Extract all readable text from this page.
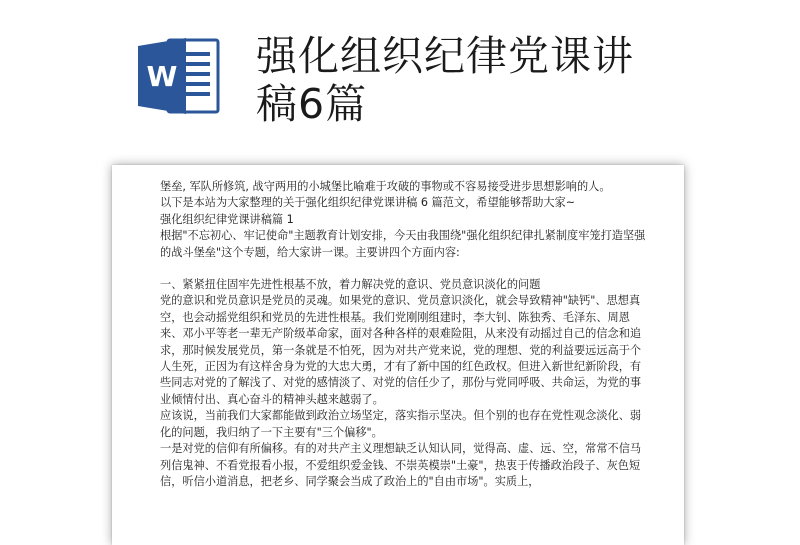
W 强化组织纪律党课讲
稿6篇

堡垒, 军队所修筑, 战守两用的小城堡比喻难于攻破的事物或不容易接受进步思想影响的人。

以下是本站为大家整理的关于强化组织纪律党课讲稿 6 篇范文，希望能够帮助大家~

强化组织纪律党课讲稿篇 1

根据"不忘初心、牢记使命"主题教育计划安排，今天由我围绕"强化组织纪律扎紧制度牢笼打造坚强的战斗堡垒"这个专题，给大家讲一课。主要讲四个方面内容:

一、紧紧扭住固牢先进性根基不放，着力解决党的意识、党员意识淡化的问题

党的意识和党员意识是党员的灵魂。如果党的意识、党员意识淡化，就会导致精神"缺钙"、思想真空，也会动摇党组织和党员的先进性根基。我们党刚刚组建时，李大钊、陈独秀、毛泽东、周恩来、邓小平等老一辈无产阶级革命家，面对各种各样的艰难险阻，从来没有动摇过自己的信念和追求，那时候发展党员，第一条就是不怕死，因为对共产党来说，党的理想、党的利益要远远高于个人生死，正因为有这样舍身为党的大忠大勇，才有了新中国的红色政权。但进入新世纪新阶段，有些同志对党的了解浅了、对党的感情淡了、对党的信任少了，那份与党同呼吸、共命运，为党的事业倾情付出、真心奋斗的精神头越来越弱了。

应该说，当前我们大家都能做到政治立场坚定，落实指示坚决。但个别的也存在党性观念淡化、弱化的问题，我归纳了一下主要有"三个偏移"。

一是对党的信仰有所偏移。有的对共产主义理想缺乏认知认同，觉得高、虚、远、空，常常不信马列信鬼神、不看党报看小报，不爱组织爱金钱、不崇英模崇"土豪"，热衷于传播政治段子、灰色短信，听信小道消息，把老乡、同学聚会当成了政治上的"自由市场"。实质上，
